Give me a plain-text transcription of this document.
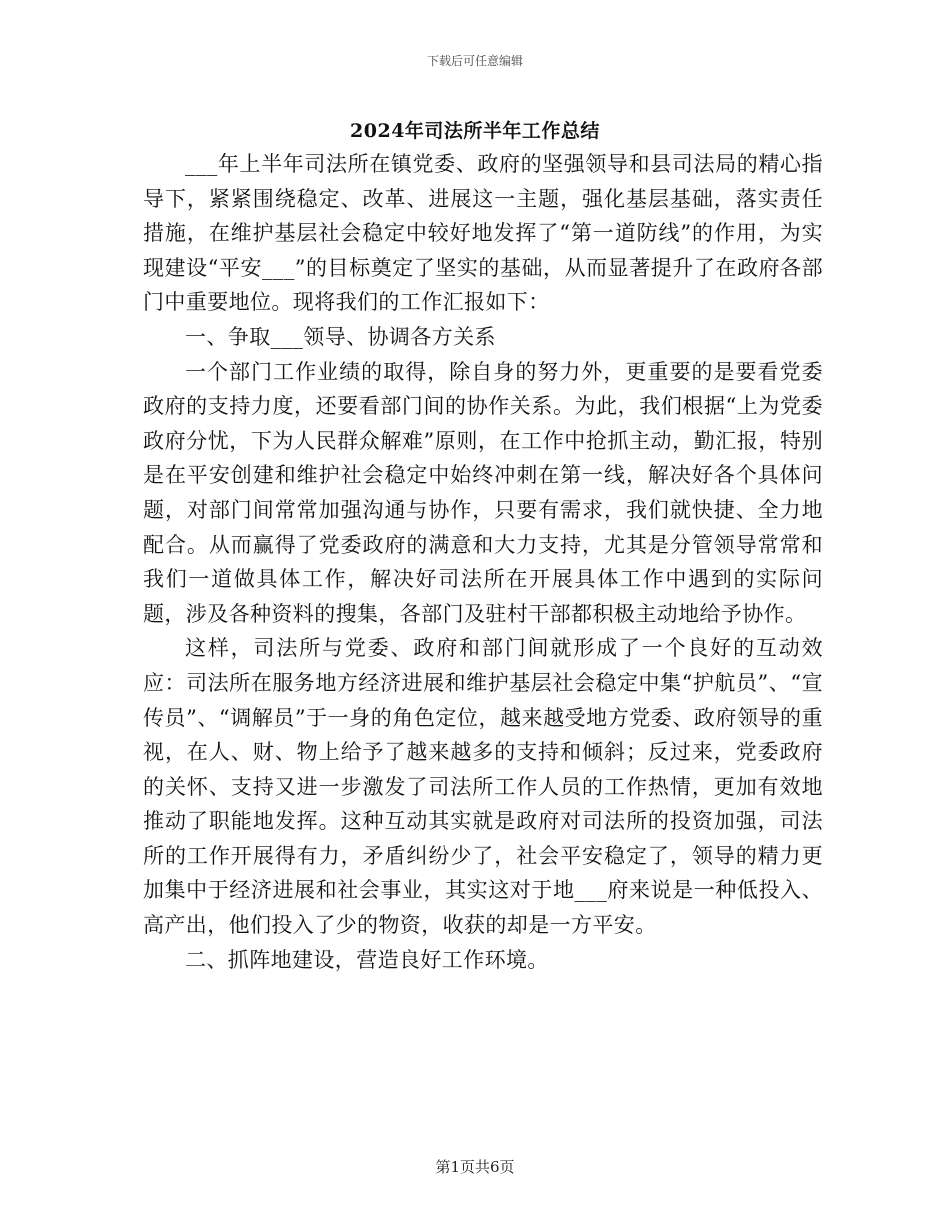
下载后可任意编辑
2024年司法所半年工作总结

___年上半年司法所在镇党委、政府的坚强领导和县司法局的精心指导下，紧紧围绕稳定、改革、进展这一主题，强化基层基础，落实责任措施，在维护基层社会稳定中较好地发挥了“第一道防线”的作用，为实现建设“平安___”的目标奠定了坚实的基础，从而显著提升了在政府各部门中重要地位。现将我们的工作汇报如下：

一、争取___领导、协调各方关系

一个部门工作业绩的取得，除自身的努力外，更重要的是要看党委政府的支持力度，还要看部门间的协作关系。为此，我们根据“上为党委政府分忧，下为人民群众解难”原则，在工作中抢抓主动，勤汇报，特别是在平安创建和维护社会稳定中始终冲刺在第一线，解决好各个具体问题，对部门间常常加强沟通与协作，只要有需求，我们就快捷、全力地配合。从而赢得了党委政府的满意和大力支持，尤其是分管领导常常和我们一道做具体工作，解决好司法所在开展具体工作中遇到的实际问题，涉及各种资料的搜集，各部门及驻村干部都积极主动地给予协作。

这样，司法所与党委、政府和部门间就形成了一个良好的互动效应：司法所在服务地方经济进展和维护基层社会稳定中集“护航员”、“宣传员”、“调解员”于一身的角色定位，越来越受地方党委、政府领导的重视，在人、财、物上给予了越来越多的支持和倾斜；反过来，党委政府的关怀、支持又进一步激发了司法所工作人员的工作热情，更加有效地推动了职能地发挥。这种互动其实就是政府对司法所的投资加强，司法所的工作开展得有力，矛盾纠纷少了，社会平安稳定了，领导的精力更加集中于经济进展和社会事业，其实这对于地___府来说是一种低投入、高产出，他们投入了少的物资，收获的却是一方平安。

二、抓阵地建设，营造良好工作环境。

第1页共6页
